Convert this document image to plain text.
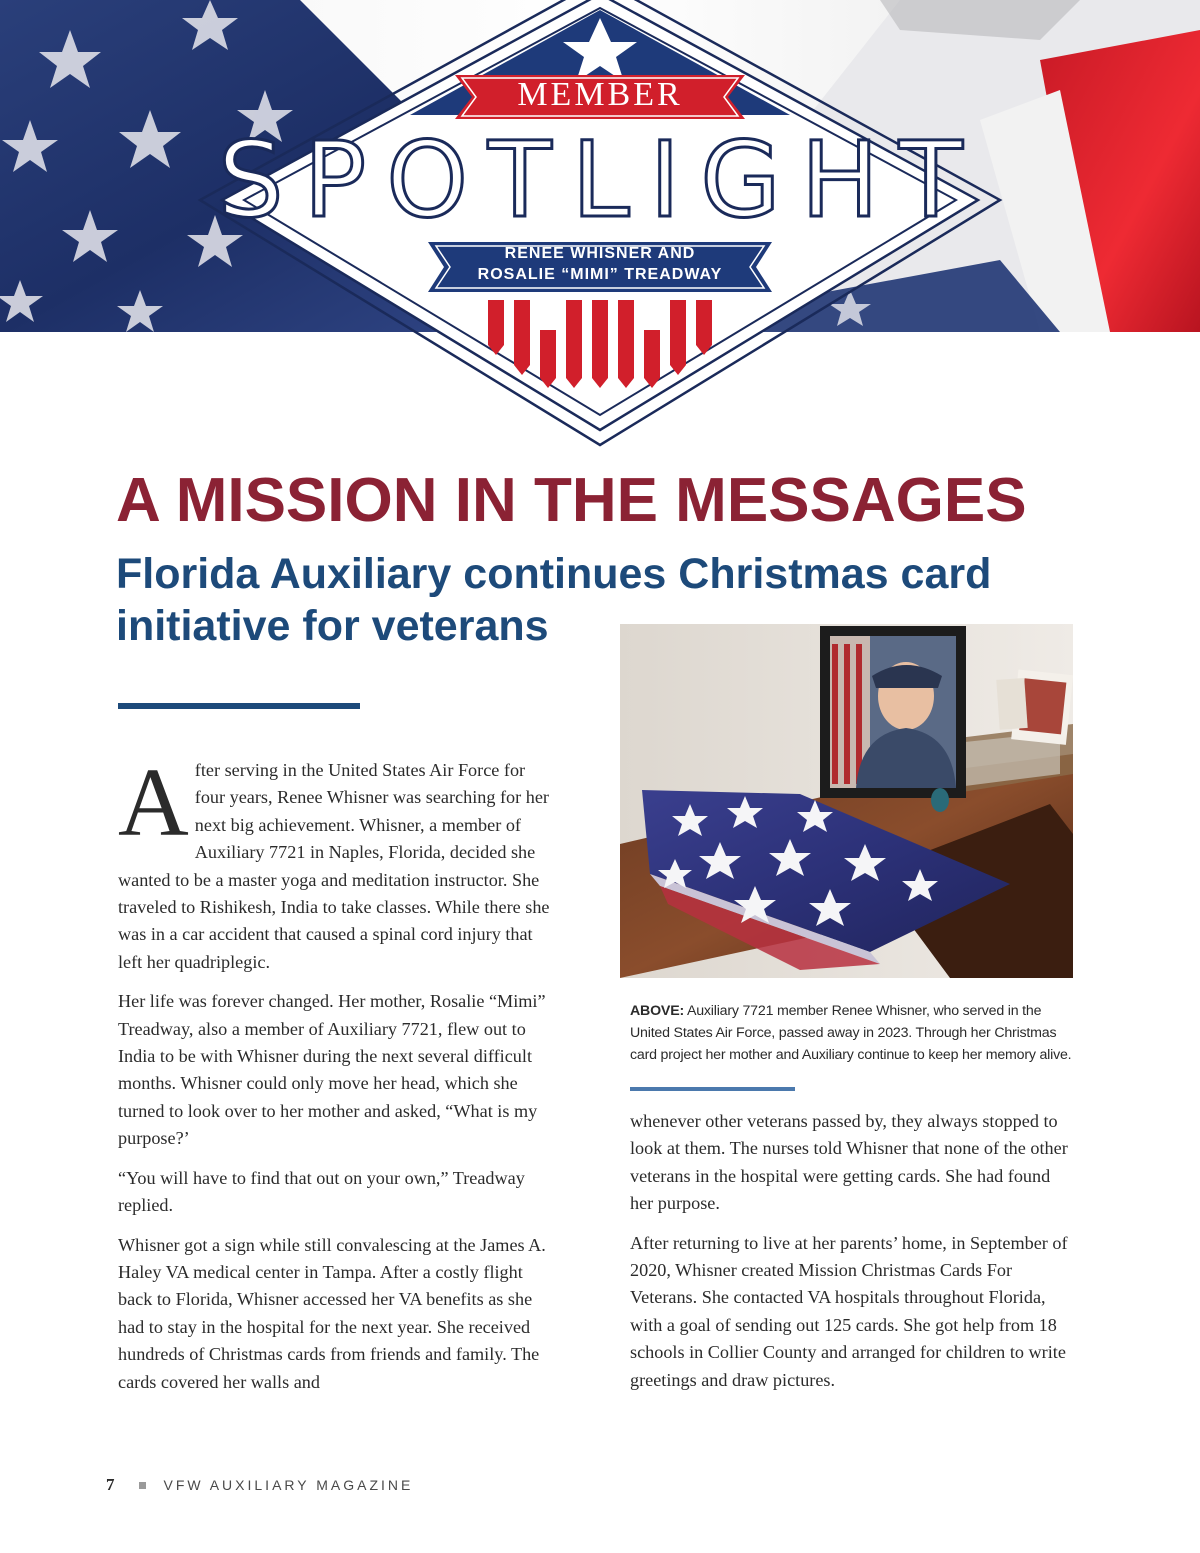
MEMBER
SPOTLIGHT
RENEE WHISNER AND
ROSALIE “MIMI” TREADWAY
A MISSION IN THE MESSAGES
Florida Auxiliary continues Christmas card initiative for veterans

After serving in the United States Air Force for four years, Renee Whisner was searching for her next big achievement. Whisner, a member of Auxiliary 7721 in Naples, Florida, decided she wanted to be a master yoga and meditation instructor. She traveled to Rishikesh, India to take classes. While there she was in a car accident that caused a spinal cord injury that left her quadriplegic.

Her life was forever changed. Her mother, Rosalie “Mimi” Treadway, also a member of Auxiliary 7721, flew out to India to be with Whisner during the next several difficult months. Whisner could only move her head, which she turned to look over to her mother and asked, “What is my purpose?’

“You will have to find that out on your own,” Treadway replied.

Whisner got a sign while still convalescing at the James A. Haley VA medical center in Tampa. After a costly flight back to Florida, Whisner accessed her VA benefits as she had to stay in the hospital for the next year. She received hundreds of Christmas cards from friends and family. The cards covered her walls and

ABOVE: Auxiliary 7721 member Renee Whisner, who served in the United States Air Force, passed away in 2023. Through her Christmas card project her mother and Auxiliary continue to keep her memory alive.

whenever other veterans passed by, they always stopped to look at them. The nurses told Whisner that none of the other veterans in the hospital were getting cards. She had found her purpose.

After returning to live at her parents’ home, in September of 2020, Whisner created Mission Christmas Cards For Veterans. She contacted VA hospitals throughout Florida, with a goal of sending out 125 cards. She got help from 18 schools in Collier County and arranged for children to write greetings and draw pictures.

7	VFW AUXILIARY MAGAZINE
